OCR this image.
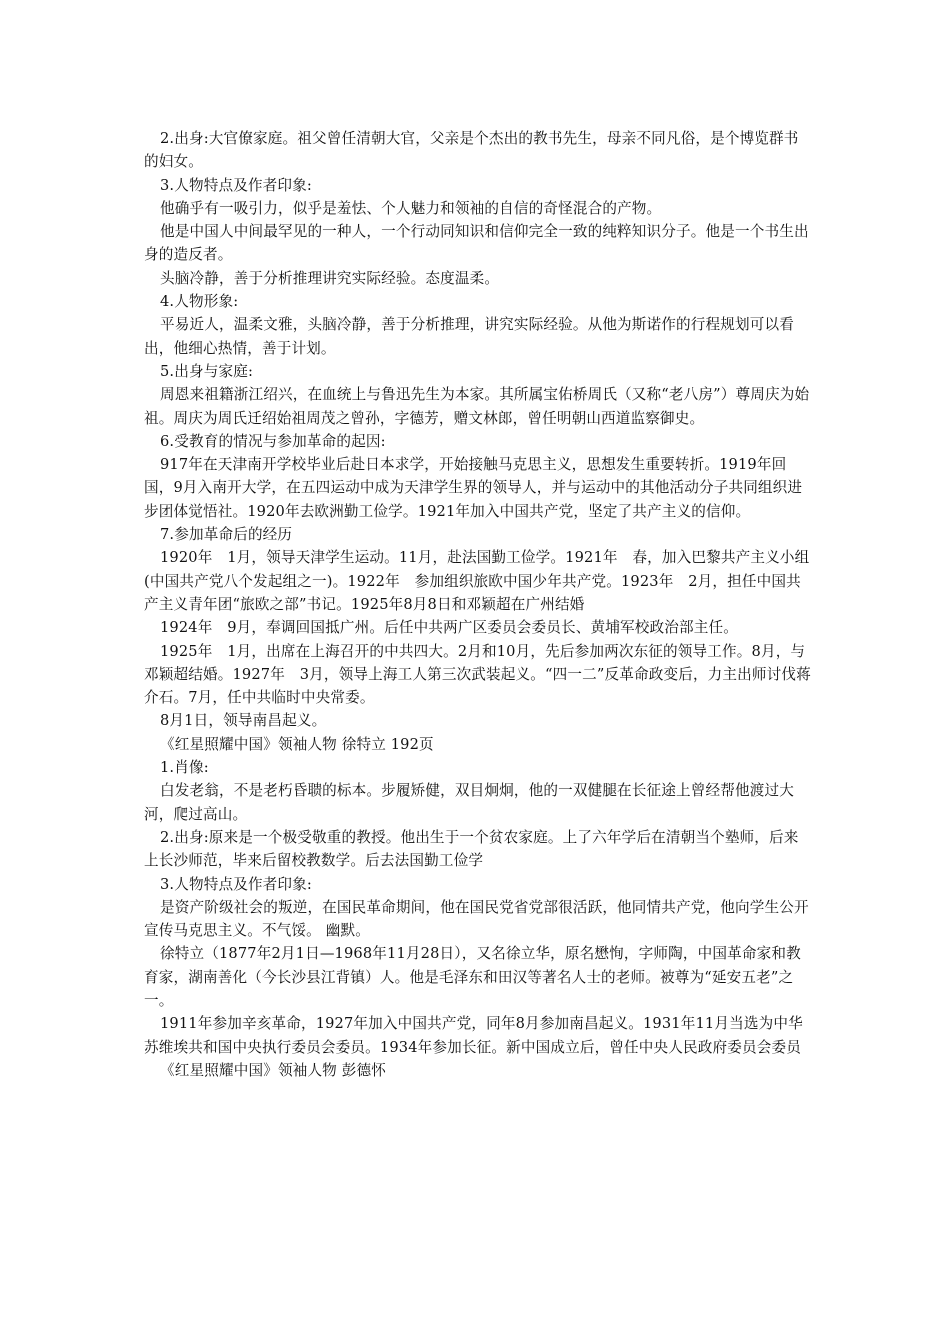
2.出身:大官僚家庭。祖父曾任清朝大官，父亲是个杰出的教书先生，母亲不同凡俗，是个博览群书的妇女。

3.人物特点及作者印象:

他确乎有一吸引力，似乎是羞怯、个人魅力和领袖的自信的奇怪混合的产物。

他是中国人中间最罕见的一种人，一个行动同知识和信仰完全一致的纯粹知识分子。他是一个书生出身的造反者。

头脑冷静，善于分析推理讲究实际经验。态度温柔。

4.人物形象:

平易近人，温柔文雅，头脑冷静，善于分析推理，讲究实际经验。从他为斯诺作的行程规划可以看出，他细心热情，善于计划。

5.出身与家庭:

周恩来祖籍浙江绍兴，在血统上与鲁迅先生为本家。其所属宝佑桥周氏（又称“老八房”）尊周庆为始祖。周庆为周氏迁绍始祖周茂之曾孙，字德芳，赠文林郎，曾任明朝山西道监察御史。

6.受教育的情况与参加革命的起因:

917年在天津南开学校毕业后赴日本求学，开始接触马克思主义，思想发生重要转折。1919年回国，9月入南开大学，在五四运动中成为天津学生界的领导人，并与运动中的其他活动分子共同组织进步团体觉悟社。1920年去欧洲勤工俭学。1921年加入中国共产党，坚定了共产主义的信仰。

7.参加革命后的经历

1920年　1月，领导天津学生运动。11月，赴法国勤工俭学。1921年　春，加入巴黎共产主义小组(中国共产党八个发起组之一)。1922年　参加组织旅欧中国少年共产党。1923年　2月，担任中国共产主义青年团“旅欧之部”书记。1925年8月8日和邓颖超在广州结婚

1924年　9月，奉调回国抵广州。后任中共两广区委员会委员长、黄埔军校政治部主任。

1925年　1月，出席在上海召开的中共四大。2月和10月，先后参加两次东征的领导工作。8月，与邓颖超结婚。1927年　3月，领导上海工人第三次武装起义。“四一二”反革命政变后，力主出师讨伐蒋介石。7月，任中共临时中央常委。

8月1日，领导南昌起义。

《红星照耀中国》领袖人物 徐特立 192页

1.肖像:

白发老翁，不是老朽昏聩的标本。步履矫健，双目炯炯，他的一双健腿在长征途上曾经帮他渡过大河，爬过高山。

2.出身:原来是一个极受敬重的教授。他出生于一个贫农家庭。上了六年学后在清朝当个塾师，后来上长沙师范，毕来后留校教数学。后去法国勤工俭学

3.人物特点及作者印象:

是资产阶级社会的叛逆，在国民革命期间，他在国民党省党部很活跃，他同情共产党，他向学生公开宣传马克思主义。不气馁。 幽默。

徐特立（1877年2月1日—1968年11月28日），又名徐立华，原名懋恂，字师陶，中国革命家和教育家，湖南善化（今长沙县江背镇）人。他是毛泽东和田汉等著名人士的老师。被尊为“延安五老”之一。

1911年参加辛亥革命，1927年加入中国共产党，同年8月参加南昌起义。1931年11月当选为中华苏维埃共和国中央执行委员会委员。1934年参加长征。新中国成立后，曾任中央人民政府委员会委员

《红星照耀中国》领袖人物 彭德怀
